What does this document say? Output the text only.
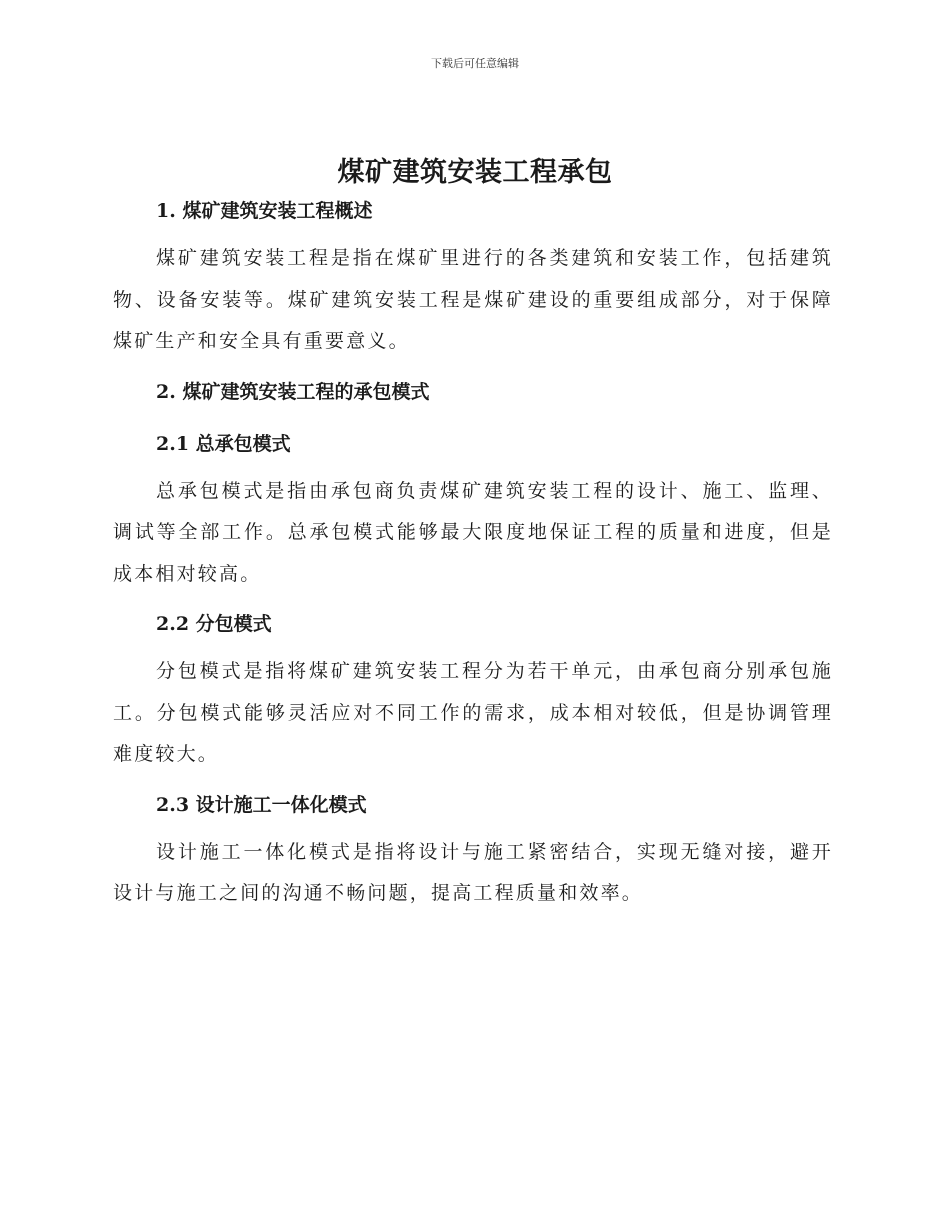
下载后可任意编辑
煤矿建筑安装工程承包
1. 煤矿建筑安装工程概述

煤矿建筑安装工程是指在煤矿里进行的各类建筑和安装工作，包括建筑物、设备安装等。煤矿建筑安装工程是煤矿建设的重要组成部分，对于保障煤矿生产和安全具有重要意义。

2. 煤矿建筑安装工程的承包模式
2.1 总承包模式

总承包模式是指由承包商负责煤矿建筑安装工程的设计、施工、监理、调试等全部工作。总承包模式能够最大限度地保证工程的质量和进度，但是成本相对较高。

2.2 分包模式

分包模式是指将煤矿建筑安装工程分为若干单元，由承包商分别承包施工。分包模式能够灵活应对不同工作的需求，成本相对较低，但是协调管理难度较大。

2.3 设计施工一体化模式

设计施工一体化模式是指将设计与施工紧密结合，实现无缝对接，避开设计与施工之间的沟通不畅问题，提高工程质量和效率。
